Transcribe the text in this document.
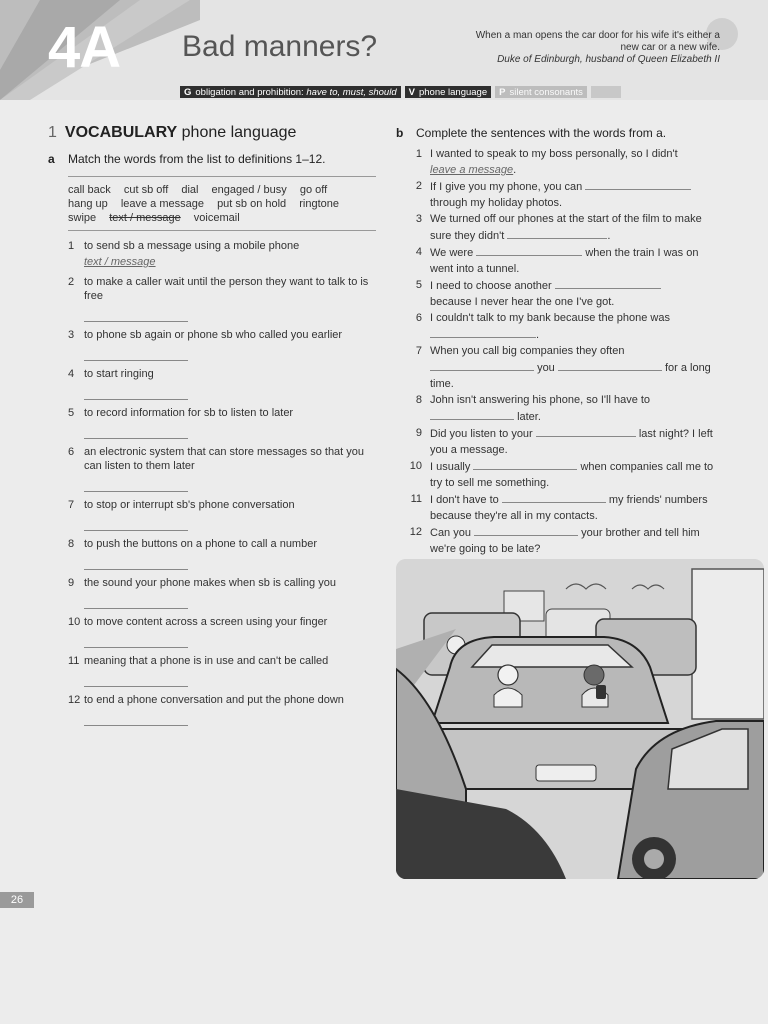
4A Bad manners?	When a man opens the car door for his wife it's either a new car or a new wife.
Duke of Edinburgh, husband of Queen Elizabeth II
G obligation and prohibition:
have to, must, should V phone language P silent consonants
1 VOCABULARY phone language
a Match the words from the list to definitions 1–12.
call back cut sb off dial engaged / busy go off hang up leave a message put sb on hold ringtone swipe text / message voicemail
1 to send sb a message using a mobile phone
text / message
2 to make a caller wait until the person they want to talk to is free
3 to phone sb again or phone sb who called you earlier
4 to start ringing
5 to record information for sb to listen to later
6 an electronic system that can store messages so that you can listen to them later
7 to stop or interrupt sb's phone conversation
8 to push the buttons on a phone to call a number
9 the sound your phone makes when sb is calling you
10 to move content across a screen using your finger
11 meaning that a phone is in use and can't be called
12 to end a phone conversation and put the phone down
b Complete the sentences with the words from a.
1 I wanted to speak to my boss personally, so I didn't
leave a message.
2 If I give you my phone, you can
through my holiday photos.
3 We turned off our phones at the start of the film to make sure they didn't	.
4 We were	when the train I was on went into a tunnel.
5 I need to choose another
because I never hear the one I've got.
6 I couldn't talk to my bank because the phone was .
7 When you call big companies they often
you	for a long time.
8 John isn't answering his phone, so I'll have to
later.
9 Did you listen to your	last night? I left you a message.
10 I usually	when companies call me to try to sell me something.
11 I don't have to	my friends' numbers because they're all in my contacts.
12 Can you	your brother and tell him we're going to be late?
26
